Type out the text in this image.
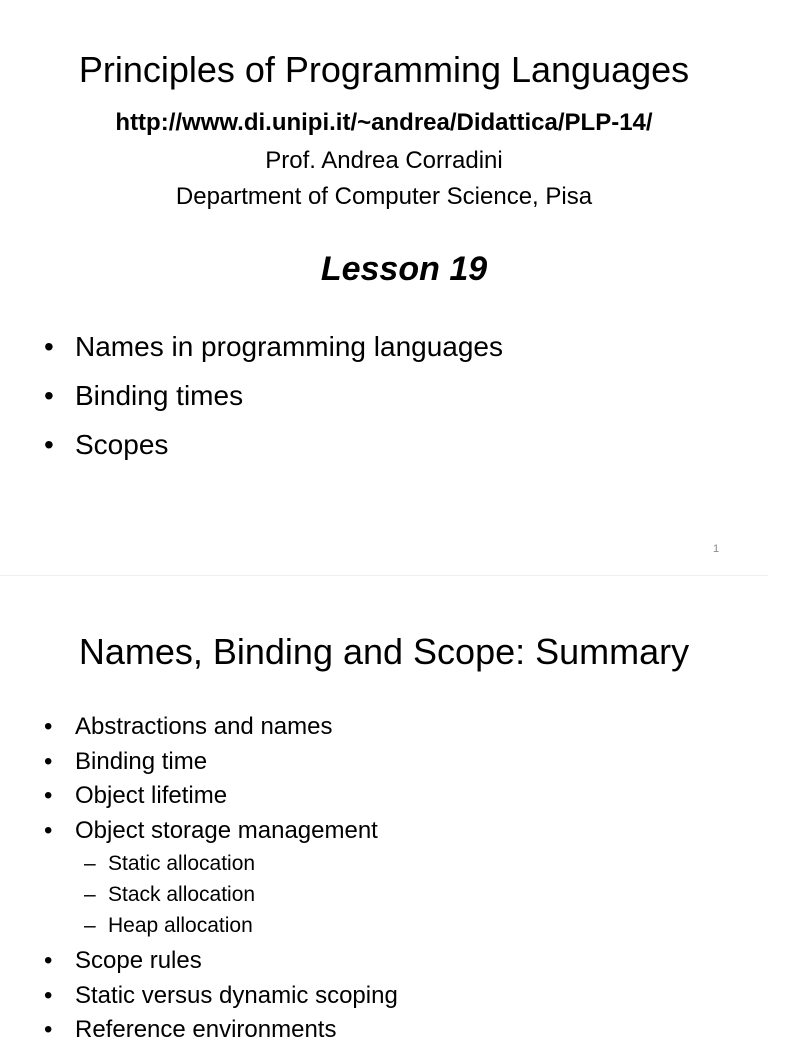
Principles of Programming Languages
http://www.di.unipi.it/~andrea/Didattica/PLP-14/
Prof. Andrea Corradini
Department of Computer Science, Pisa
Lesson 19
• Names in programming languages
• Binding times
• Scopes
1
Names, Binding and Scope: Summary
• Abstractions and names
• Binding time
• Object lifetime
• Object storage management
– Static allocation
– Stack allocation
– Heap allocation
• Scope rules
• Static versus dynamic scoping
• Reference environments
